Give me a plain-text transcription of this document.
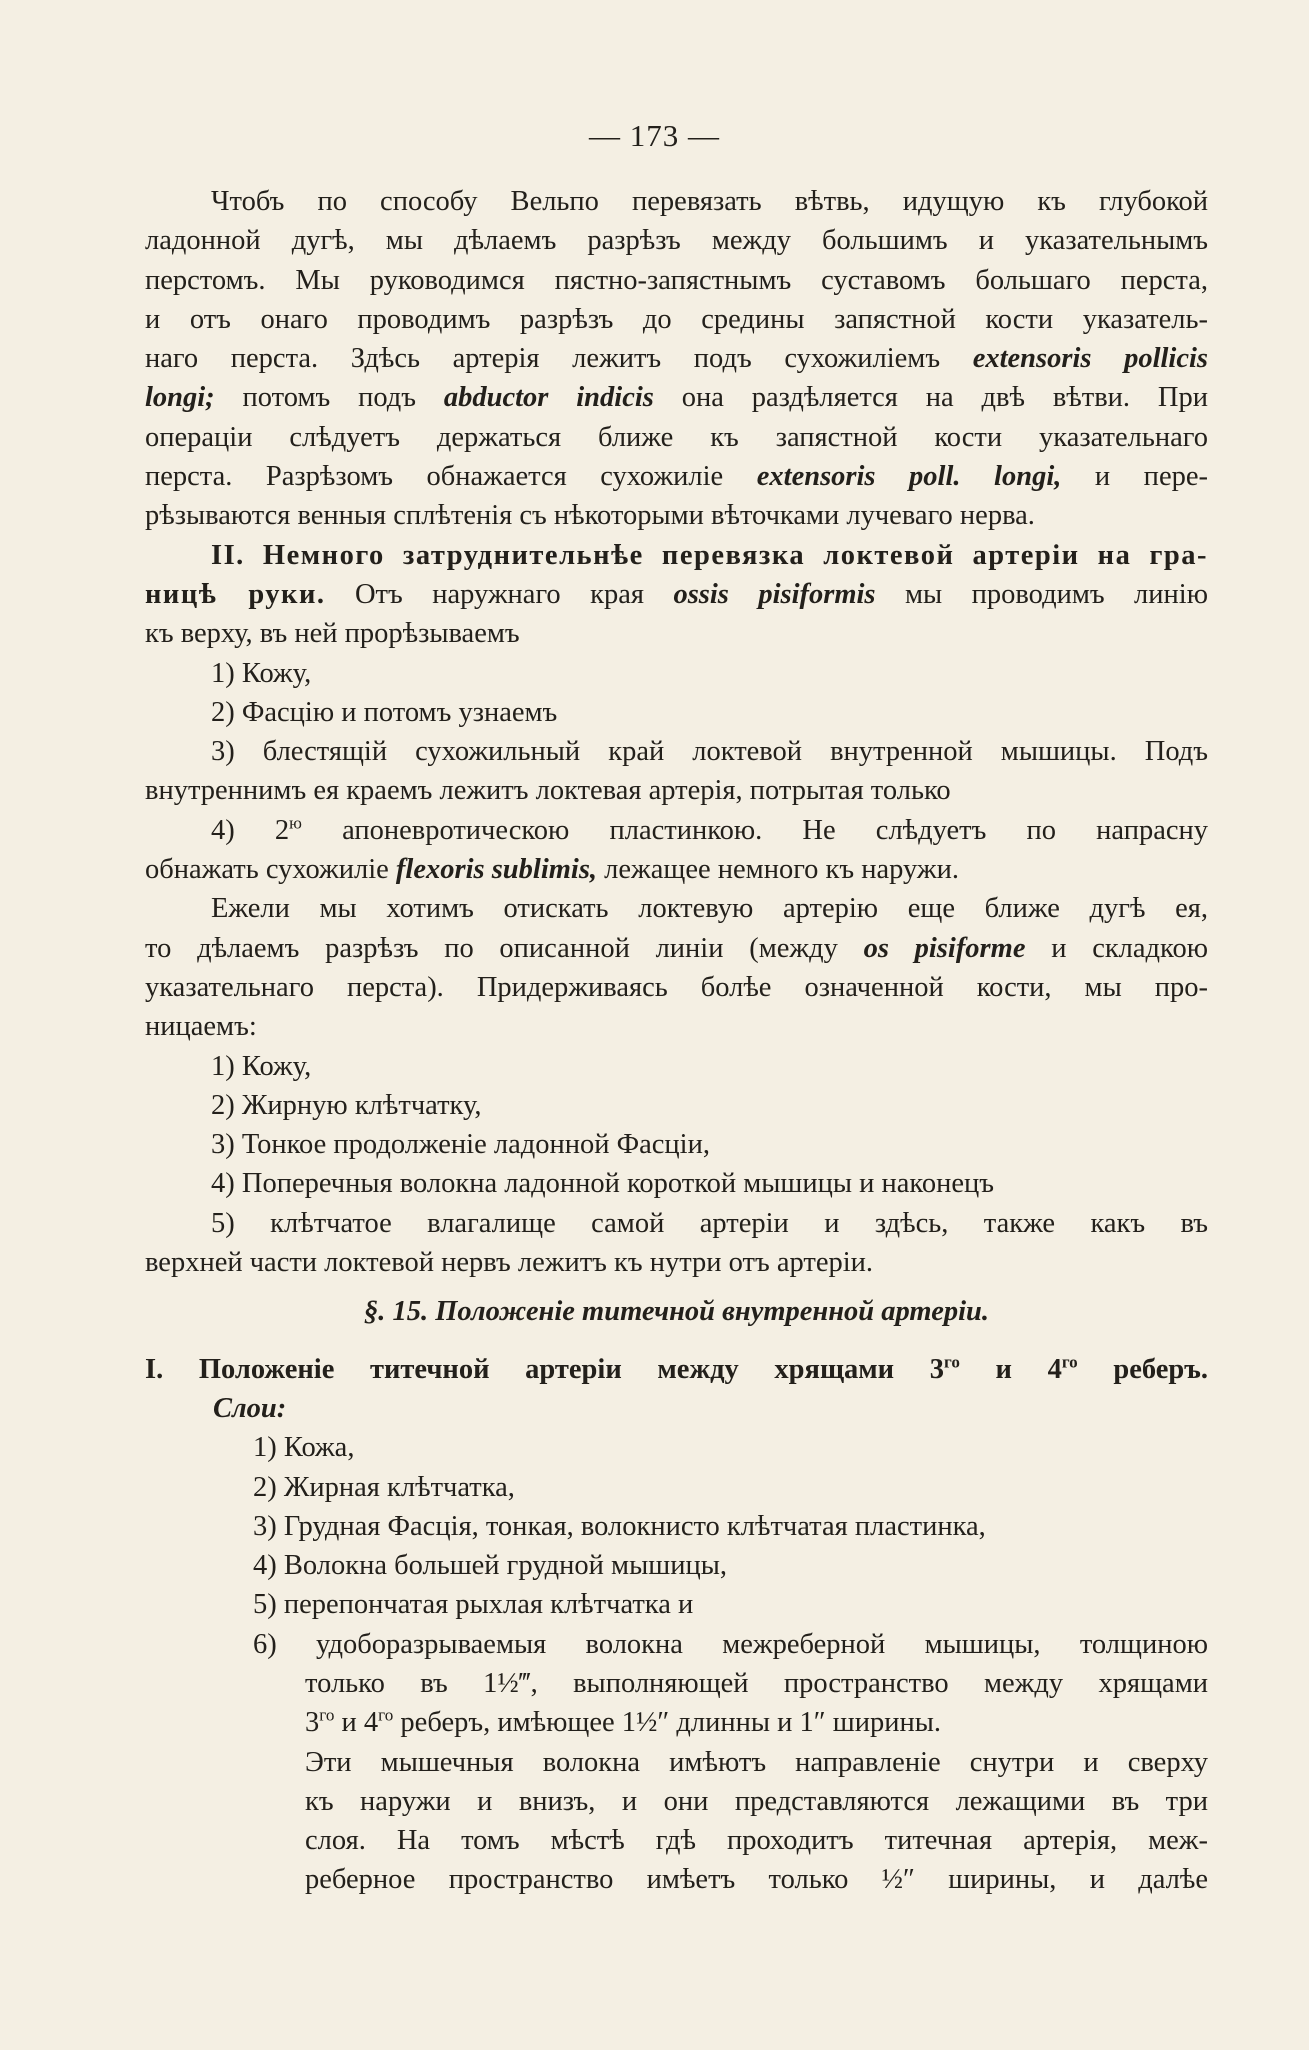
— 173 —
Чтобъ по способу Вельпо перевязать вѣтвь, идущую къ глубокой
ладонной дугѣ, мы дѣлаемъ разрѣзъ между большимъ и указательнымъ
перстомъ. Мы руководимся пястно-запястнымъ суставомъ большаго перста,
и отъ онаго проводимъ разрѣзъ до средины запястной кости указатель-
наго перста. Здѣсь артерія лежитъ подъ сухожиліемъ extensoris pollicis
longi; потомъ подъ abductor indicis она раздѣляется на двѣ вѣтви. При
операціи слѣдуетъ держаться ближе къ запястной кости указательнаго
перста. Разрѣзомъ обнажается сухожиліе extensoris poll. longi, и пере-
рѣзываются венныя сплѣтенія съ нѣкоторыми вѣточками лучеваго нерва.
II. Немного затруднительнѣе перевязка локтевой артеріи на гра-
ницѣ руки. Отъ наружнаго края ossis pisiformis мы проводимъ линію
къ верху, въ ней прорѣзываемъ
1) Кожу,
2) Фасцію и потомъ узнаемъ
3) блестящій сухожильный край локтевой внутренной мышицы. Подъ
внутреннимъ ея краемъ лежитъ локтевая артерія, потрытая только
4) $2^ю$ апоневротическою пластинкою. Не слѣдуетъ по напрасну
обнажать сухожиліе flexoris sublimis, лежащее немного къ наружи.
Ежели мы хотимъ отискать локтевую артерію еще ближе дугѣ ея,
то дѣлаемъ разрѣзъ по описанной линіи (между os pisiforme и складкою
указательнаго перста). Придерживаясь болѣе означенной кости, мы про-
ницаемъ:
1) Кожу,
2) Жирную клѣтчатку,
3) Тонкое продолженіе ладонной Фасціи,
4) Поперечныя волокна ладонной короткой мышицы и наконецъ
5) клѣтчатое влагалище самой артеріи и здѣсь, также какъ въ
верхней части локтевой нервъ лежитъ къ нутри отъ артеріи.
§. 15. Положеніе титечной внутренной артеріи.
I. Положеніе титечной артеріи между хрящами $3^{го}$ и $4^{го}$ реберъ.
Слои:
1) Кожа,
2) Жирная клѣтчатка,
3) Грудная Фасція, тонкая, волокнисто клѣтчатая пластинка,
4) Волокна большей грудной мышицы,
5) перепончатая рыхлая клѣтчатка и
6) удоборазрываемыя волокна межреберной мышицы, толщиною
только въ 1½‴, выполняющей пространство между хрящами
$3^{го}$ и $4^{го}$ реберъ, имѣющее 1½″ длинны и 1″ ширины.
Эти мышечныя волокна имѣютъ направленіе снутри и сверху
къ наружи и внизъ, и они представляются лежащими въ три
слоя. На томъ мѣстѣ гдѣ проходитъ титечная артерія, меж-
реберное пространство имѣетъ только ½″ ширины, и далѣе
